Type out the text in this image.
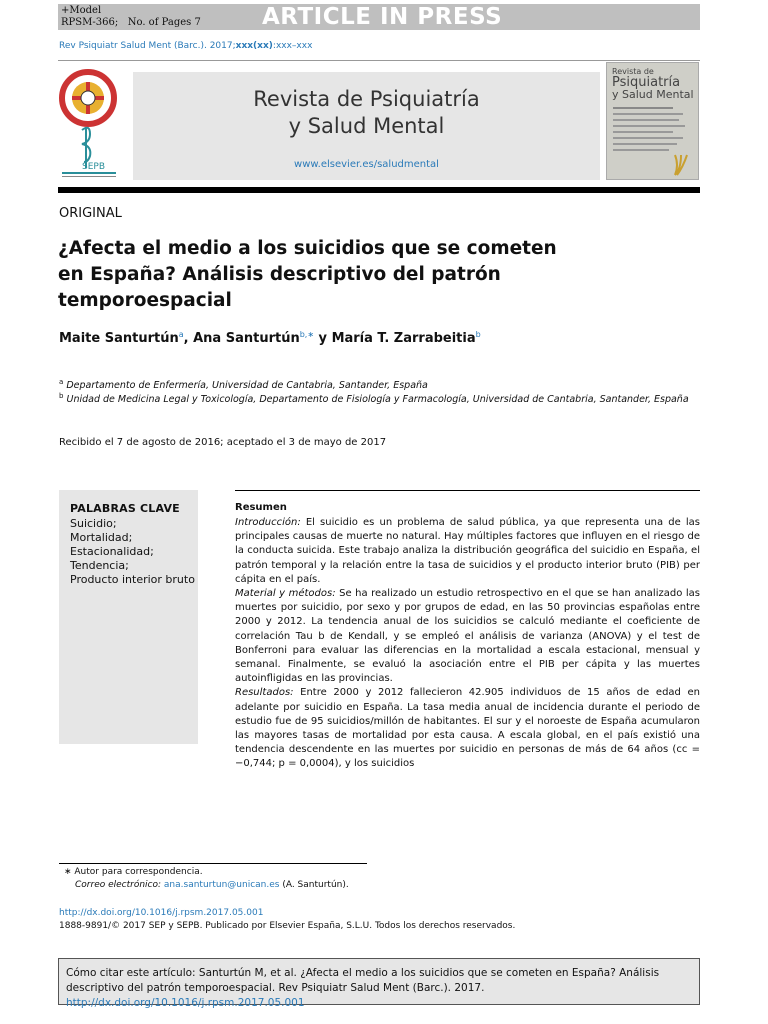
+Model
RPSM-366; No. of Pages 7	ARTICLE IN PRESS
Rev Psiquiatr Salud Ment (Barc.). 2017;xxx(xx):xxx–xxx
SEPB
Revista de Psiquiatría
y Salud Mental
www.elsevier.es/saludmental
Revista de
Psiquiatría
y Salud Mental
ORIGINAL
¿Afecta el medio a los suicidios que se cometen en España? Análisis descriptivo del patrón temporoespacial
Maite Santurtún$^a$, Ana Santurtún$^{b,∗}$ y María T. Zarrabeitia$^b$
$^a$ Departamento de Enfermería, Universidad de Cantabria, Santander, España
$^b$ Unidad de Medicina Legal y Toxicología, Departamento de Fisiología y Farmacología, Universidad de Cantabria, Santander, España
Recibido el 7 de agosto de 2016; aceptado el 3 de mayo de 2017
PALABRAS CLAVE
Suicidio;
Mortalidad;
Estacionalidad;
Tendencia;
Producto interior bruto
Resumen

Introducción: El suicidio es un problema de salud pública, ya que representa una de las principales causas de muerte no natural. Hay múltiples factores que influyen en el riesgo de la conducta suicida. Este trabajo analiza la distribución geográfica del suicidio en España, el patrón temporal y la relación entre la tasa de suicidios y el producto interior bruto (PIB) per cápita en el país.

Material y métodos: Se ha realizado un estudio retrospectivo en el que se han analizado las muertes por suicidio, por sexo y por grupos de edad, en las 50 provincias españolas entre 2000 y 2012. La tendencia anual de los suicidios se calculó mediante el coeficiente de correlación Tau b de Kendall, y se empleó el análisis de varianza (ANOVA) y el test de Bonferroni para evaluar las diferencias en la mortalidad a escala estacional, mensual y semanal. Finalmente, se evaluó la asociación entre el PIB per cápita y las muertes autoinfligidas en las provincias.

Resultados: Entre 2000 y 2012 fallecieron 42.905 individuos de 15 años de edad en adelante por suicidio en España. La tasa media anual de incidencia durante el periodo de estudio fue de 95 suicidios/millón de habitantes. El sur y el noroeste de España acumularon las mayores tasas de mortalidad por esta causa. A escala global, en el país existió una tendencia descendente en las muertes por suicidio en personas de más de 64 años (cc = −0,744; p = 0,0004), y los suicidios

∗ Autor para correspondencia.
Correo electrónico: ana.santurtun@unican.es (A. Santurtún).
http://dx.doi.org/10.1016/j.rpsm.2017.05.001
1888-9891/© 2017 SEP y SEPB. Publicado por Elsevier España, S.L.U. Todos los derechos reservados.
Cómo citar este artículo: Santurtún M, et al. ¿Afecta el medio a los suicidios que se cometen en España? Análisis descriptivo del patrón temporoespacial. Rev Psiquiatr Salud Ment (Barc.). 2017. http://dx.doi.org/10.1016/j.rpsm.2017.05.001
